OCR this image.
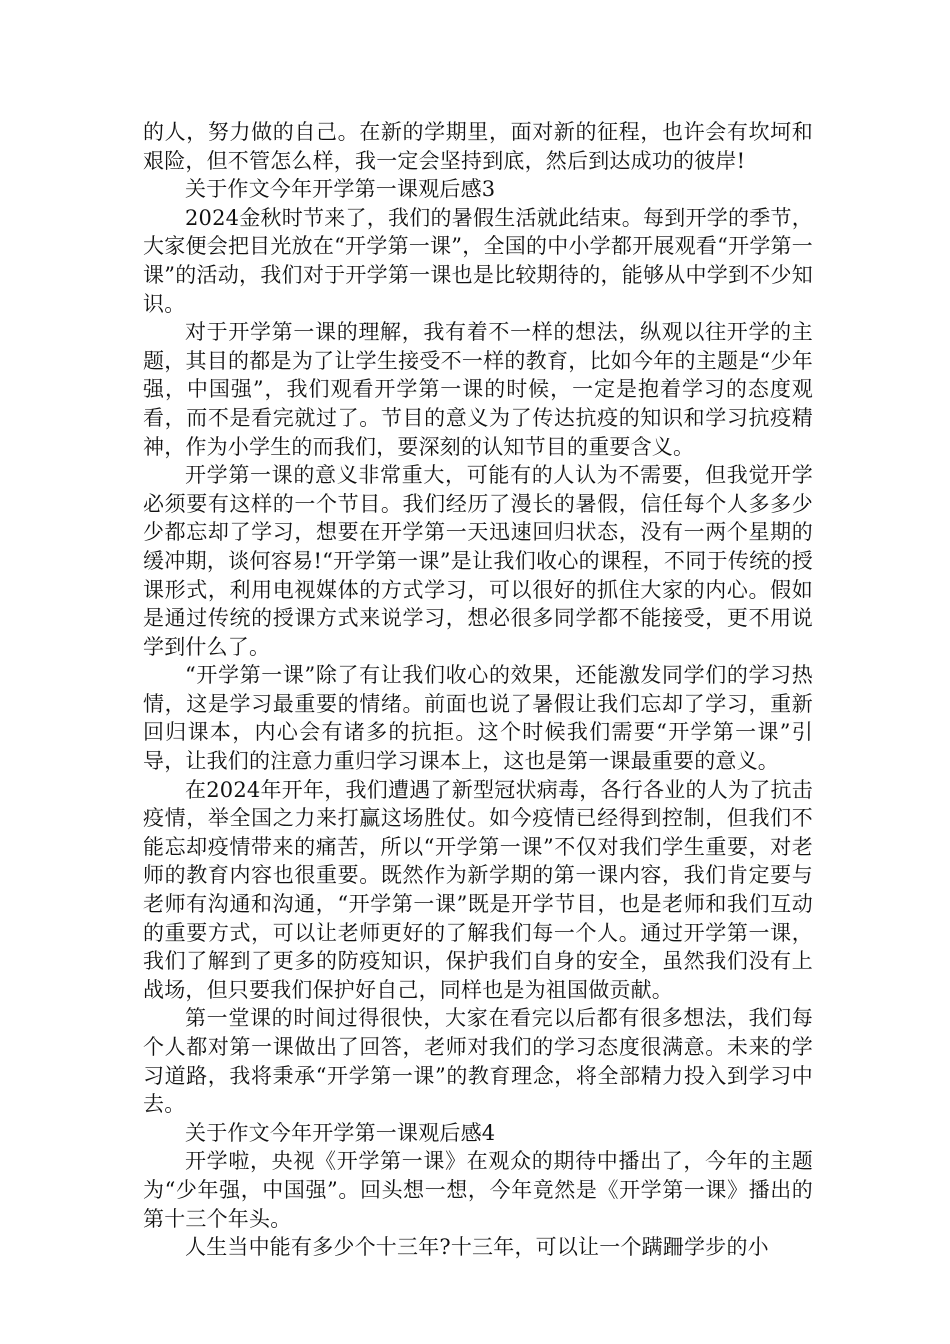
的人，努力做的自己。在新的学期里，面对新的征程，也许会有坎坷和艰险，但不管怎么样，我一定会坚持到底，然后到达成功的彼岸!

关于作文今年开学第一课观后感3

2024金秋时节来了，我们的暑假生活就此结束。每到开学的季节，大家便会把目光放在“开学第一课”，全国的中小学都开展观看“开学第一课”的活动，我们对于开学第一课也是比较期待的，能够从中学到不少知识。

对于开学第一课的理解，我有着不一样的想法，纵观以往开学的主题，其目的都是为了让学生接受不一样的教育，比如今年的主题是“少年强，中国强”，我们观看开学第一课的时候，一定是抱着学习的态度观看，而不是看完就过了。节目的意义为了传达抗疫的知识和学习抗疫精神，作为小学生的而我们，要深刻的认知节目的重要含义。

开学第一课的意义非常重大，可能有的人认为不需要，但我觉开学必须要有这样的一个节目。我们经历了漫长的暑假，信任每个人多多少少都忘却了学习，想要在开学第一天迅速回归状态，没有一两个星期的缓冲期，谈何容易!“开学第一课”是让我们收心的课程，不同于传统的授课形式，利用电视媒体的方式学习，可以很好的抓住大家的内心。假如是通过传统的授课方式来说学习，想必很多同学都不能接受，更不用说学到什么了。

“开学第一课”除了有让我们收心的效果，还能激发同学们的学习热情，这是学习最重要的情绪。前面也说了暑假让我们忘却了学习，重新回归课本，内心会有诸多的抗拒。这个时候我们需要“开学第一课”引导，让我们的注意力重归学习课本上，这也是第一课最重要的意义。

在2024年开年，我们遭遇了新型冠状病毒，各行各业的人为了抗击疫情，举全国之力来打赢这场胜仗。如今疫情已经得到控制，但我们不能忘却疫情带来的痛苦，所以“开学第一课”不仅对我们学生重要，对老师的教育内容也很重要。既然作为新学期的第一课内容，我们肯定要与老师有沟通和沟通，“开学第一课”既是开学节目，也是老师和我们互动的重要方式，可以让老师更好的了解我们每一个人。通过开学第一课，我们了解到了更多的防疫知识，保护我们自身的安全，虽然我们没有上战场，但只要我们保护好自己，同样也是为祖国做贡献。

第一堂课的时间过得很快，大家在看完以后都有很多想法，我们每个人都对第一课做出了回答，老师对我们的学习态度很满意。未来的学习道路，我将秉承“开学第一课”的教育理念，将全部精力投入到学习中去。

关于作文今年开学第一课观后感4

开学啦，央视《开学第一课》在观众的期待中播出了，今年的主题为“少年强，中国强”。回头想一想，今年竟然是《开学第一课》播出的第十三个年头。

人生当中能有多少个十三年?十三年，可以让一个蹒跚学步的小
